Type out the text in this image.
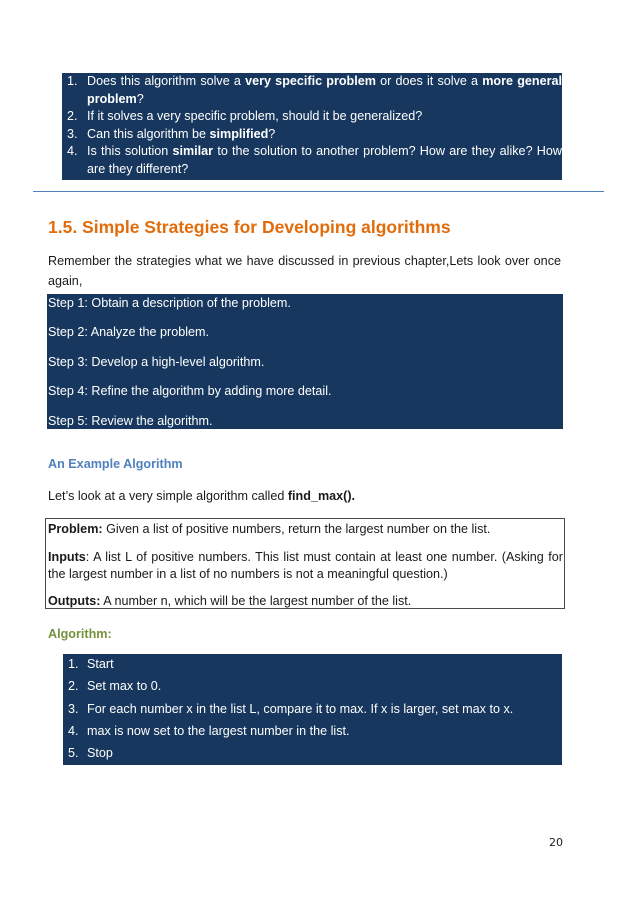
1. Does this algorithm solve a very specific problem or does it solve a more general problem?
2. If it solves a very specific problem, should it be generalized?
3. Can this algorithm be simplified?
4. Is this solution similar to the solution to another problem? How are they alike? How are they different?
1.5. Simple Strategies for Developing algorithms

Remember the strategies what we have discussed in previous chapter,Lets look over once again,

Step 1: Obtain a description of the problem.
Step 2: Analyze the problem.
Step 3: Develop a high-level algorithm.
Step 4: Refine the algorithm by adding more detail.
Step 5: Review the algorithm.
An Example Algorithm

Let’s look at a very simple algorithm called find_max().

Problem: Given a list of positive numbers, return the largest number on the list.

Inputs: A list L of positive numbers. This list must contain at least one number. (Asking for the largest number in a list of no numbers is not a meaningful question.)

Outputs: A number n, which will be the largest number of the list.

Algorithm:
1. Start
2. Set max to 0.
3. For each number x in the list L, compare it to max. If x is larger, set max to x.
4. max is now set to the largest number in the list.
5. Stop
20
